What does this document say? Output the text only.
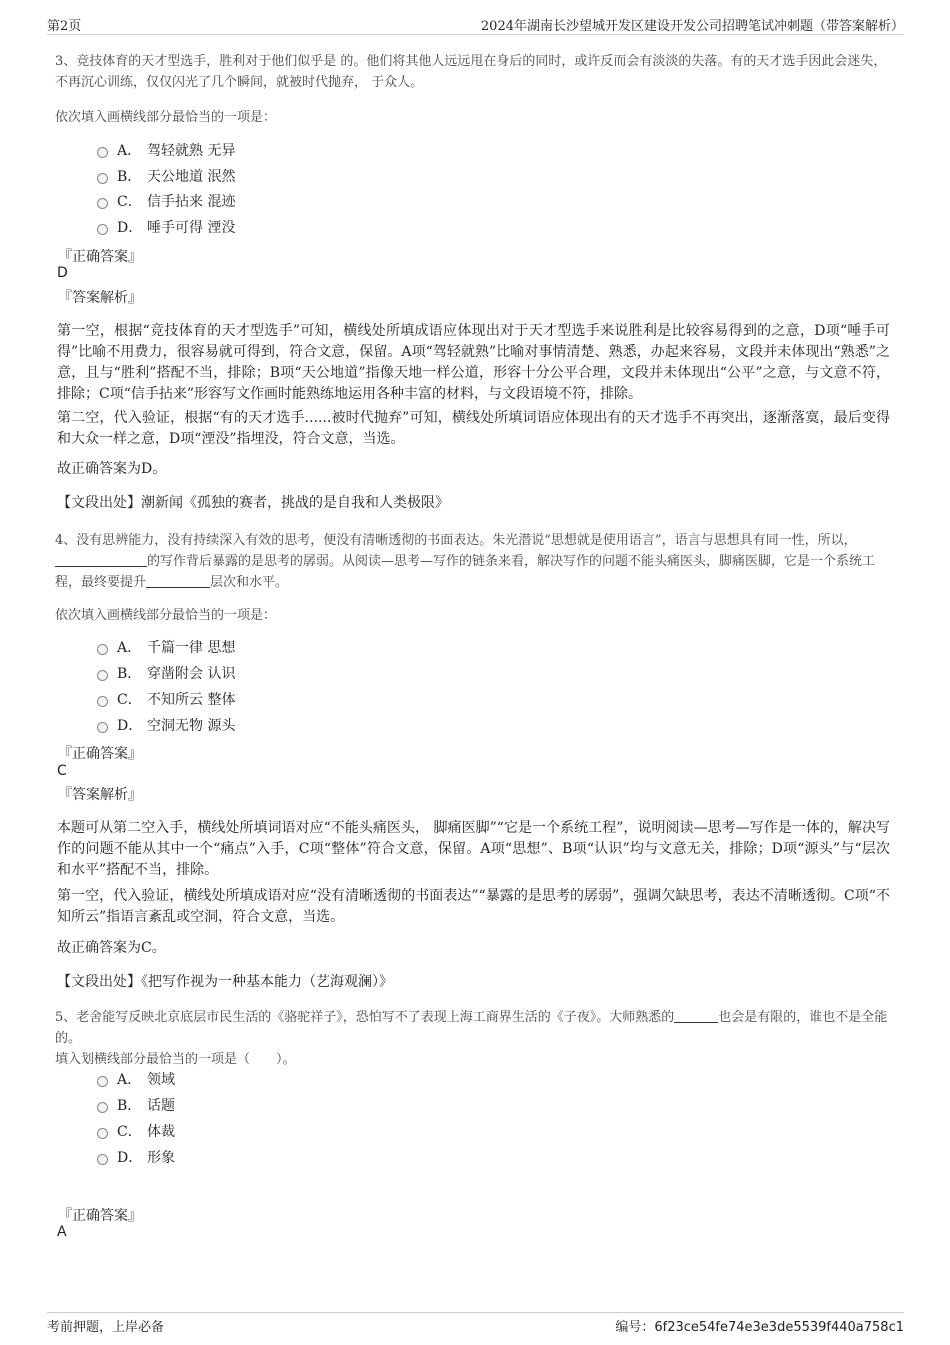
第2页	2024年湖南长沙望城开发区建设开发公司招聘笔试冲刺题（带答案解析）
3、竞技体育的天才型选手，胜利对于他们似乎是 的。他们将其他人远远甩在身后的同时，或许反而会有淡淡的失落。有的天才选手因此会迷失，不再沉心训练，仅仅闪光了几个瞬间，就被时代抛弃， 于众人。
依次填入画横线部分最恰当的一项是：
A． 驾轻就熟 无异
B． 天公地道 泯然
C． 信手拈来 混迹
D． 唾手可得 湮没
『正确答案』
D
『答案解析』
第一空，根据“竞技体育的天才型选手”可知，横线处所填成语应体现出对于天才型选手来说胜利是比较容易得到的之意，D项“唾手可得”比喻不用费力，很容易就可得到，符合文意，保留。A项“驾轻就熟”比喻对事情清楚、熟悉，办起来容易，文段并未体现出“熟悉”之意，且与“胜利”搭配不当，排除；B项“天公地道”指像天地一样公道，形容十分公平合理，文段并未体现出“公平”之意，与文意不符，排除；C项“信手拈来”形容写文作画时能熟练地运用各种丰富的材料，与文段语境不符，排除。
第二空，代入验证，根据“有的天才选手......被时代抛弃”可知，横线处所填词语应体现出有的天才选手不再突出，逐渐落寞，最后变得和大众一样之意，D项“湮没”指埋没，符合文意，当选。
故正确答案为D。
【文段出处】潮新闻《孤独的赛者，挑战的是自我和人类极限》
4、没有思辨能力，没有持续深入有效的思考，便没有清晰透彻的书面表达。朱光潜说“思想就是使用语言”，语言与思想具有同一性，所以，的写作背后暴露的是思考的孱弱。从阅读—思考—写作的链条来看，解决写作的问题不能头痛医头，脚痛医脚，它是一个系统工程，最终要提升	层次和水平。
依次填入画横线部分最恰当的一项是：
A． 千篇一律 思想
B． 穿凿附会 认识
C． 不知所云 整体
D． 空洞无物 源头
『正确答案』
C
『答案解析』
本题可从第二空入手，横线处所填词语对应“不能头痛医头， 脚痛医脚”“它是一个系统工程”，说明阅读—思考—写作是一体的，解决写作的问题不能从其中一个“痛点”入手，C项“整体”符合文意，保留。A项“思想”、B项“认识”均与文意无关，排除；D项“源头”与“层次和水平”搭配不当，排除。
第一空，代入验证，横线处所填成语对应“没有清晰透彻的书面表达”“暴露的是思考的孱弱”，强调欠缺思考，表达不清晰透彻。C项“不知所云”指语言紊乱或空洞，符合文意，当选。
故正确答案为C。
【文段出处】《把写作视为一种基本能力（艺海观澜）》
5、老舍能写反映北京底层市民生活的《骆驼祥子》，恐怕写不了表现上海工商界生活的《子夜》。大师熟悉的	也会是有限的，谁也不是全能的。
填入划横线部分最恰当的一项是（　　）。
A． 领域
B． 话题
C． 体裁
D． 形象
『正确答案』
A
考前押题，上岸必备	编号：6f23ce54fe74e3e3de5539f440a758c1
